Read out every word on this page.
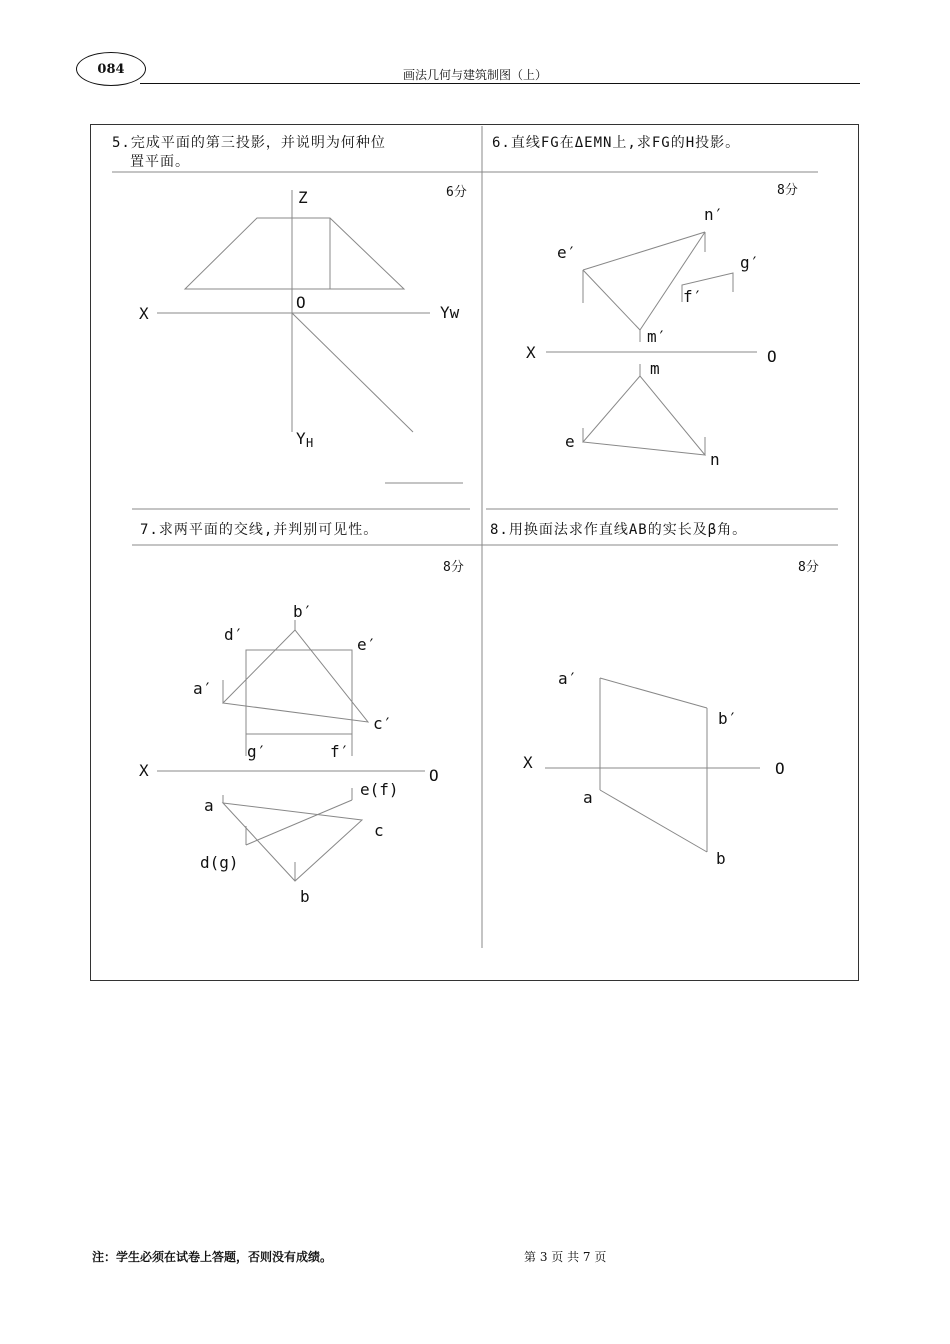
084	画法几何与建筑制图（上）
5.完成平面的第三投影，并说明为何种位
置平面。
6分
6.直线FG在ΔEMN上,求FG的H投影。
8分
7.求两平面的交线,并判别可见性。
8分
8.用换面法求作直线AB的实长及β角。
8分
Z
X
O
Yw
Y H
n′
e′
g′
f′
m′
X	O
m
e
n
b′
d′
e′
a′
c′
g′	f′
X	O
a
e(f)
c
d(g)
b
a′
b′
X	O
a
b
注：学生必须在试卷上答题，否则没有成绩。	第 3 页 共 7 页
